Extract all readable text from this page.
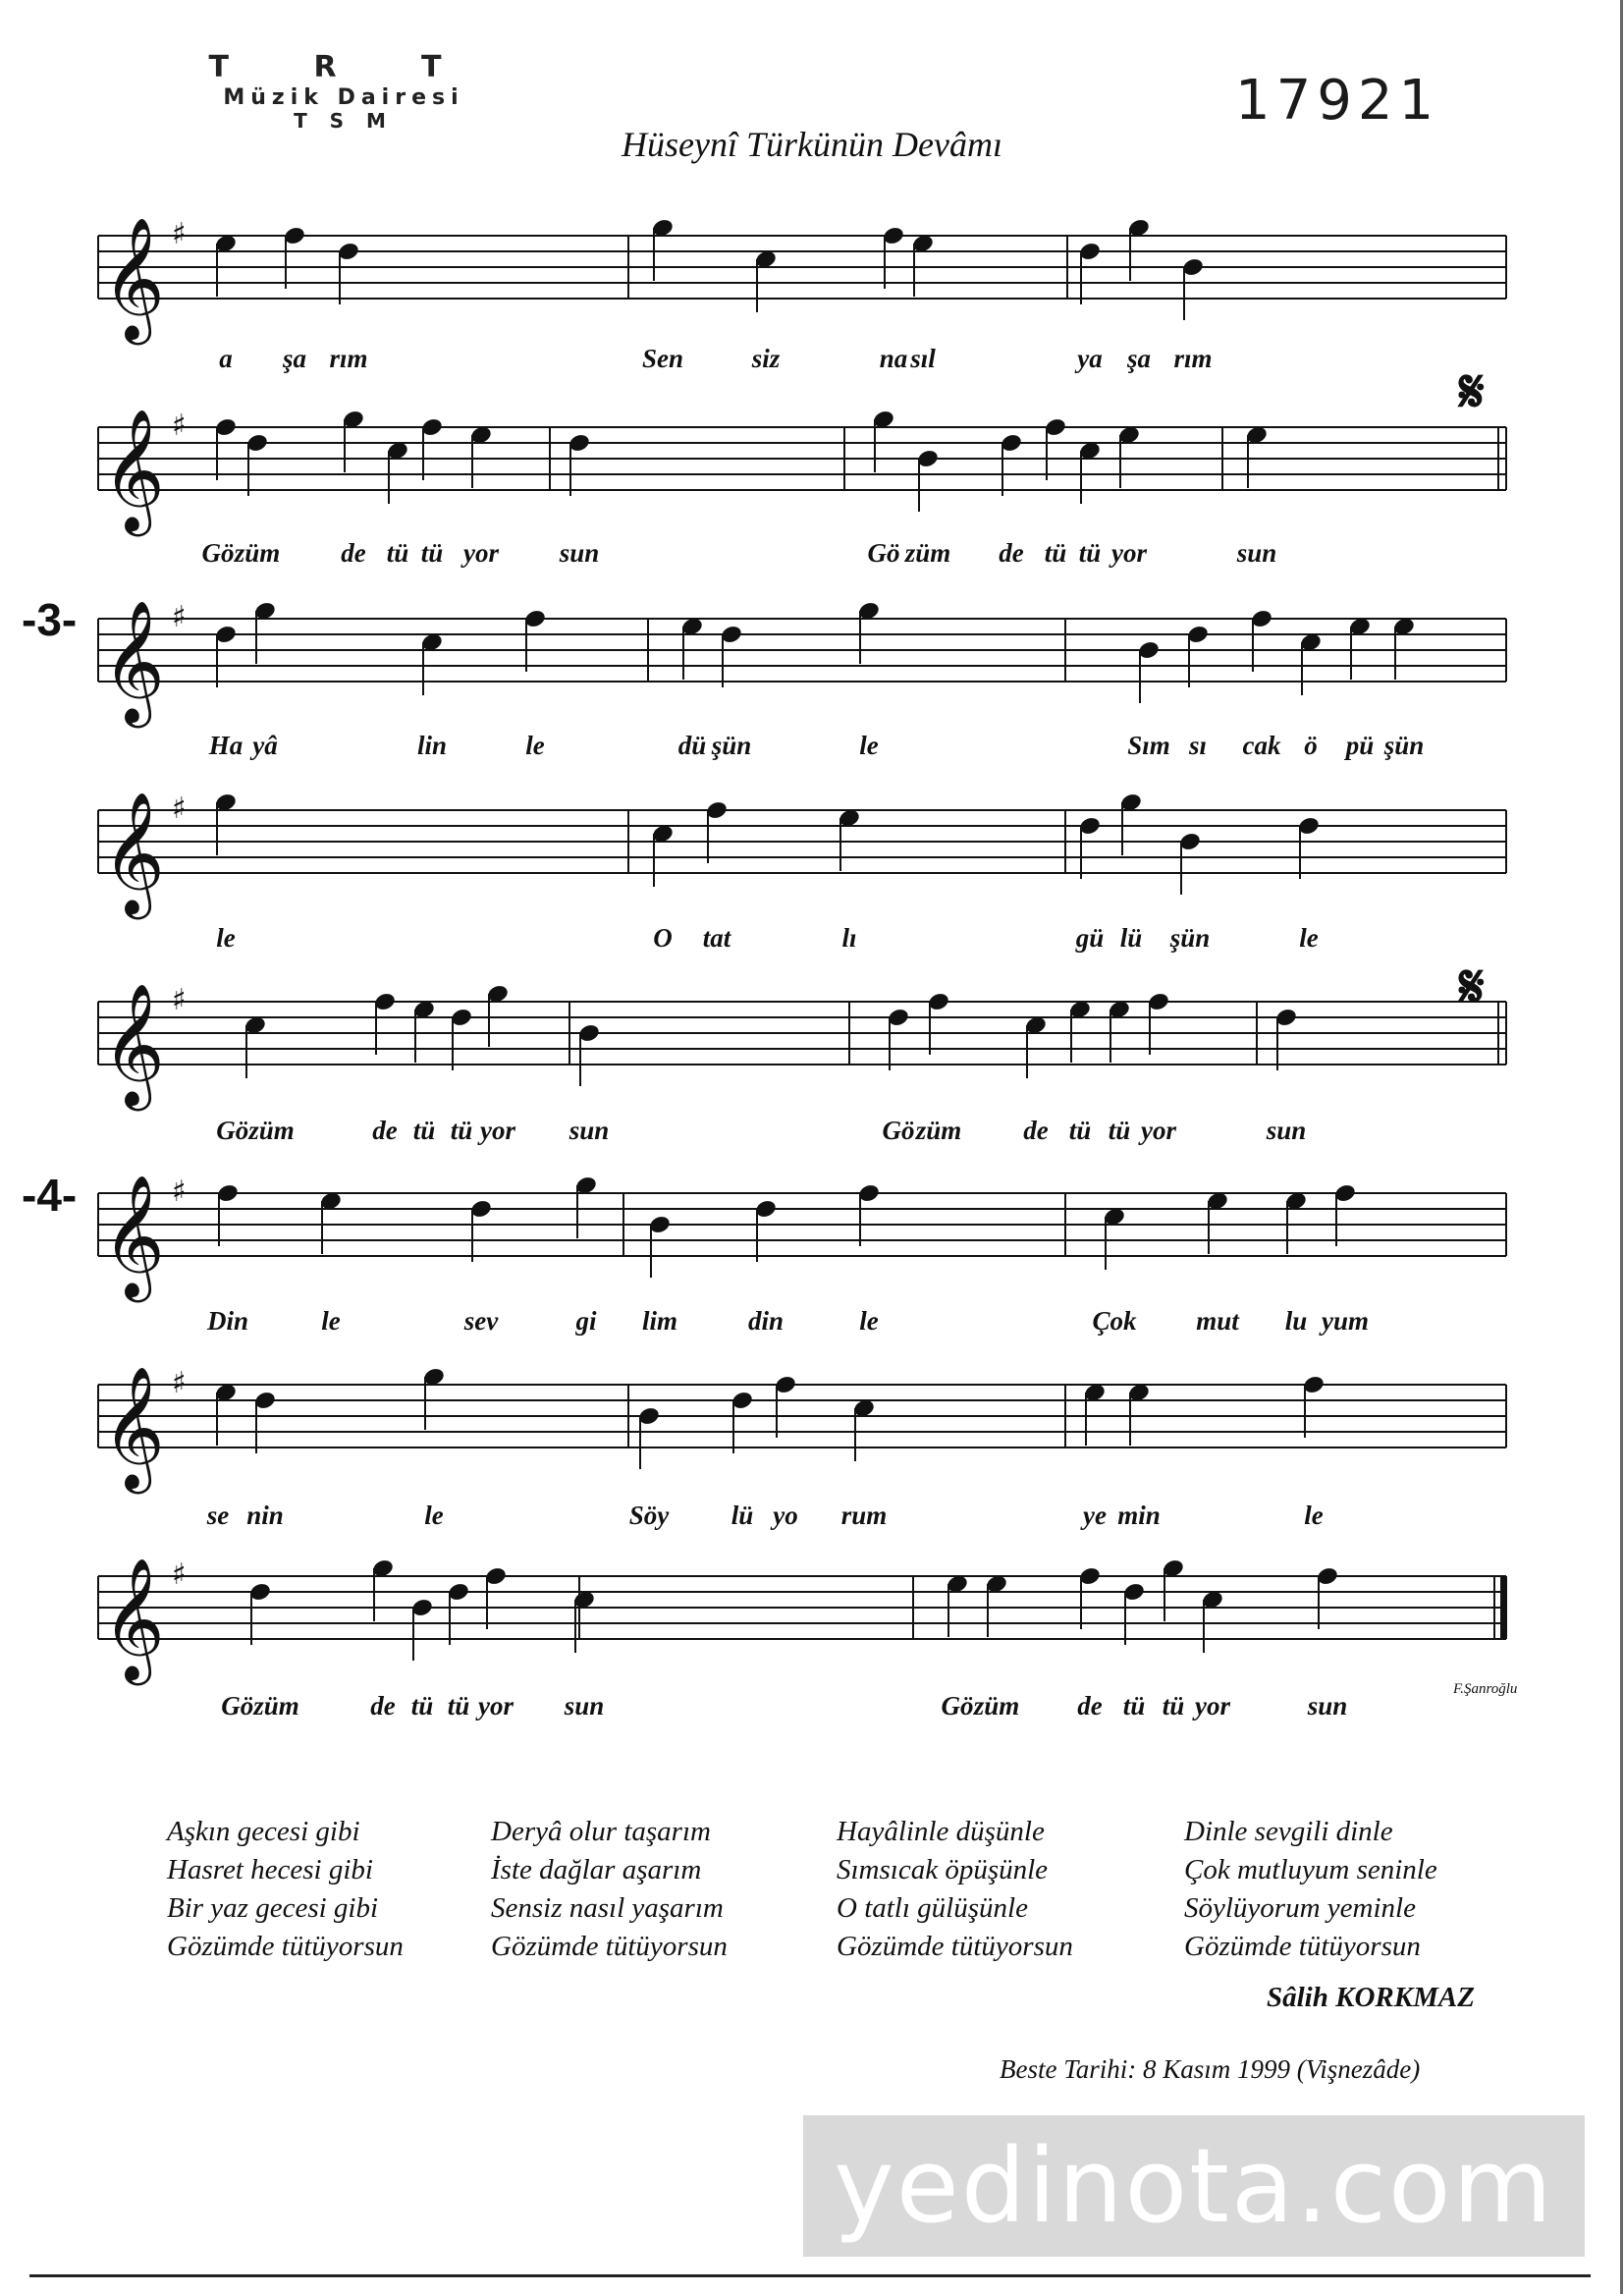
T R T
Müzik Dairesi
T S M	17921
Hüseynî Türkünün Devâmı
𝄞 ♯
𝄞 ♯
𝄞 ♯
𝄞 ♯
𝄞 ♯
𝄞 ♯
𝄞 ♯
𝄞 ♯
-3-
-4-
𝄋
𝄋
a şa rım	Sen	siz	na sıl	ya şa rım
Gö züm de tü tü yor sun	Gö züm de tü tü yor	sun
Ha yâ	lin	le	dü şün	le	Sım sı cak ö pü şün
le	O tat	lı	gü lü şün	le
Gözüm	de tü tü yor sun	Gö züm de tü tü yor	sun
Din	le	sev	gi lim	din	le	Çok mut lu yum
se nin	le	Söy lü yo rum	ye min	le
Gözüm	de tü tü yor sun	Gö züm de tü tü yor	sun
F.Şanroğlu
Aşkın gecesi gibi
Hasret hecesi gibi
Bir yaz gecesi gibi
Gözümde tütüyorsun
Deryâ olur taşarım
İste dağlar aşarım
Sensiz nasıl yaşarım
Gözümde tütüyorsun
Hayâlinle düşünle
Sımsıcak öpüşünle
O tatlı gülüşünle
Gözümde tütüyorsun
Dinle sevgili dinle
Çok mutluyum seninle
Söylüyorum yeminle
Gözümde tütüyorsun
Sâlih KORKMAZ
Beste Tarihi: 8 Kasım 1999 (Vişnezâde)
yedinota.com
